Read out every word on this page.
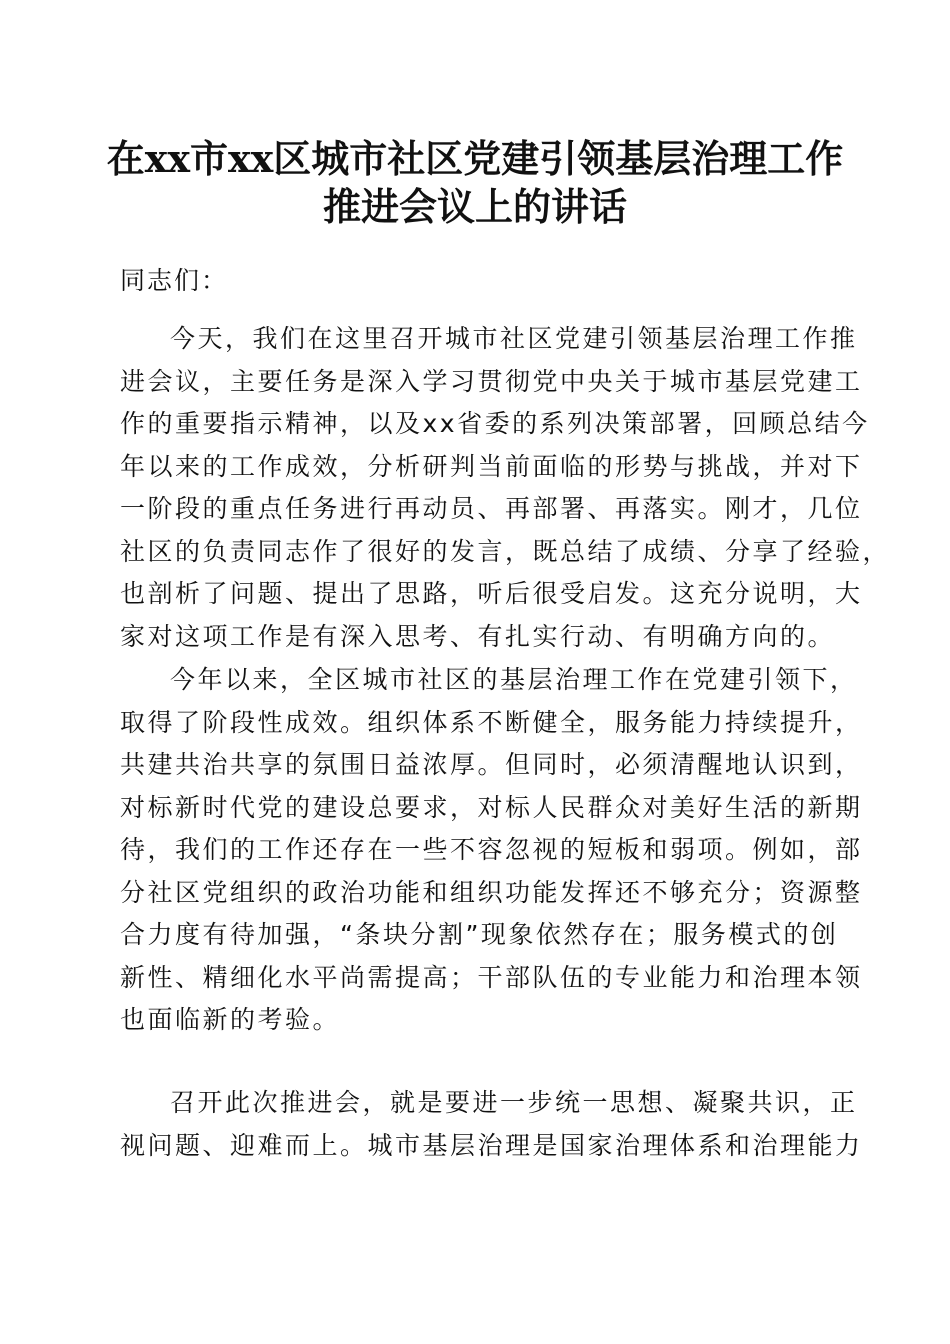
在xx市xx区城市社区党建引领基层治理工作
推进会议上的讲话

同志们：

今天，我们在这里召开城市社区党建引领基层治理工作推
进会议，主要任务是深入学习贯彻党中央关于城市基层党建工
作的重要指示精神，以及xx省委的系列决策部署，回顾总结今
年以来的工作成效，分析研判当前面临的形势与挑战，并对下
一阶段的重点任务进行再动员、再部署、再落实。刚才，几位
社区的负责同志作了很好的发言，既总结了成绩、分享了经验，
也剖析了问题、提出了思路，听后很受启发。这充分说明，大
家对这项工作是有深入思考、有扎实行动、有明确方向的。
今年以来，全区城市社区的基层治理工作在党建引领下，
取得了阶段性成效。组织体系不断健全，服务能力持续提升，
共建共治共享的氛围日益浓厚。但同时，必须清醒地认识到，
对标新时代党的建设总要求，对标人民群众对美好生活的新期
待，我们的工作还存在一些不容忽视的短板和弱项。例如，部
分社区党组织的政治功能和组织功能发挥还不够充分；资源整
合力度有待加强，“条块分割”现象依然存在；服务模式的创
新性、精细化水平尚需提高；干部队伍的专业能力和治理本领
也面临新的考验。
召开此次推进会，就是要进一步统一思想、凝聚共识，正
视问题、迎难而上。城市基层治理是国家治理体系和治理能力
